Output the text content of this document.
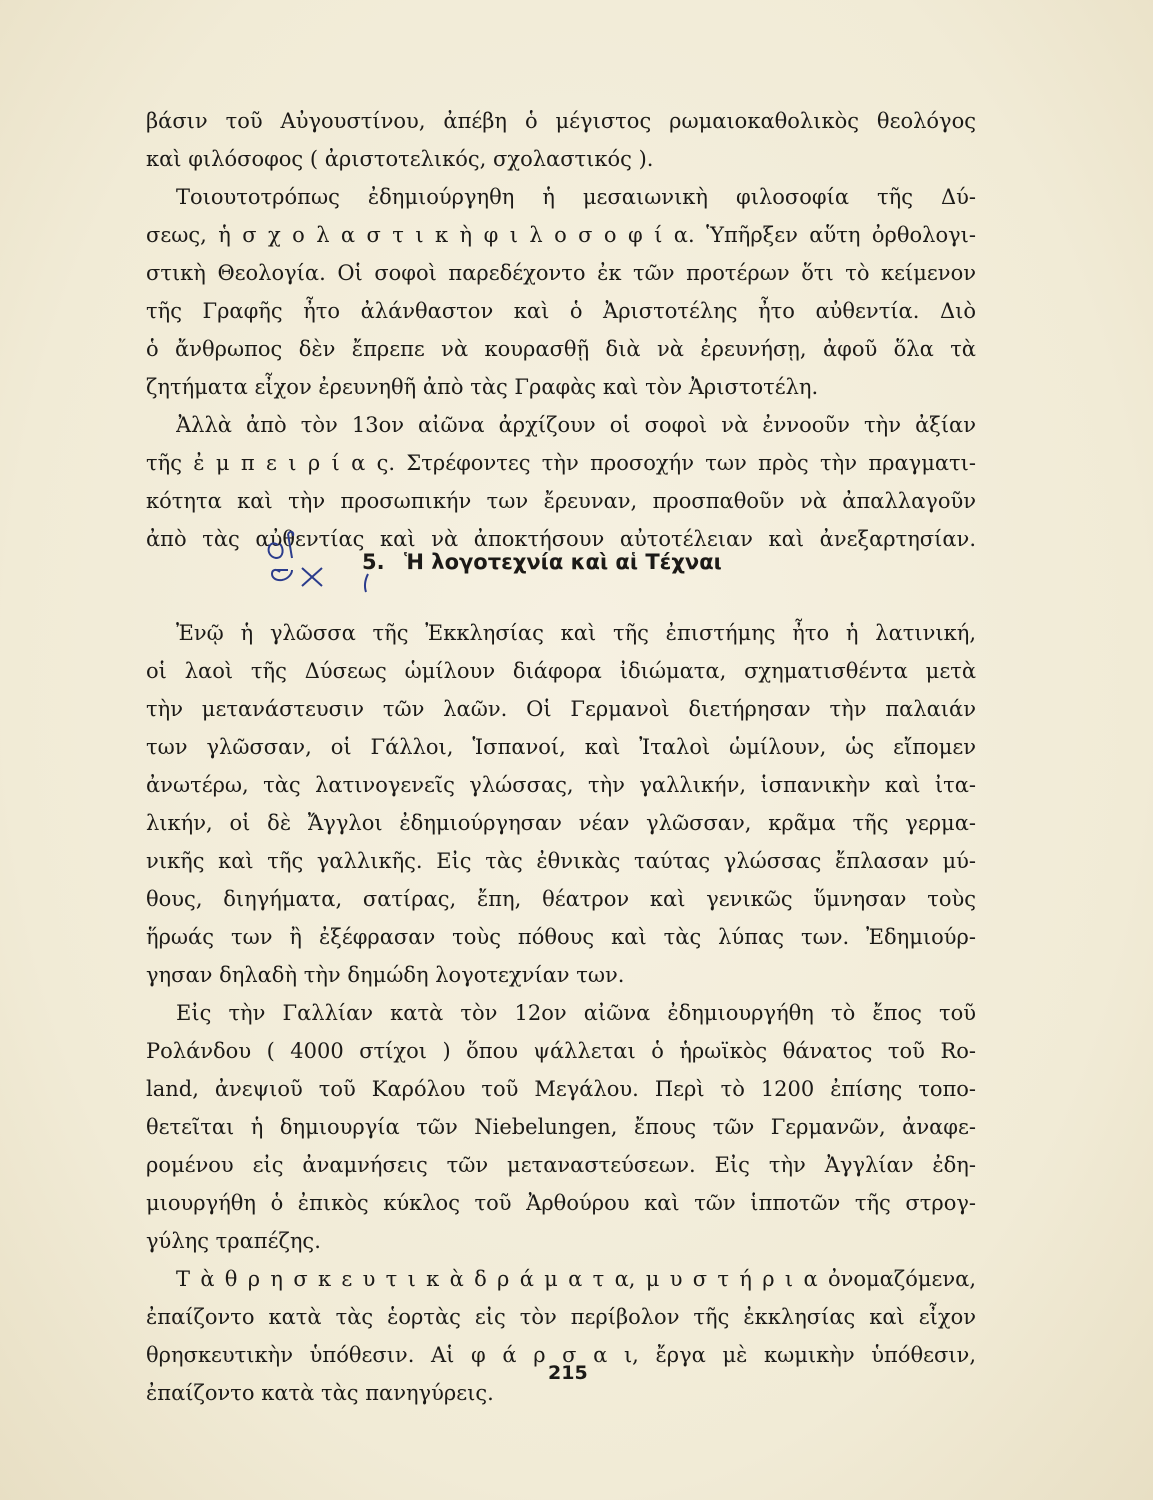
βάσιν τοῦ Αὐγουστίνου, ἀπέβη ὁ μέγιστος ρωμαιοκαθολικὸς θεολόγος
καὶ φιλόσοφος ( ἀριστοτελικός, σχολαστικός ).
Τοιουτοτρόπως ἐδημιούργηθη ἡ μεσαιωνικὴ φιλοσοφία τῆς Δύ-
σεως, ἡ σ χ ο λ α σ τ ι κ ὴ φ ι λ ο σ ο φ ί α. Ὑπῆρξεν αὕτη ὀρθολογι-
στικὴ Θεολογία. Οἱ σοφοὶ παρεδέχοντο ἐκ τῶν προτέρων ὅτι τὸ κείμενον
τῆς Γραφῆς ἦτο ἀλάνθαστον καὶ ὁ Ἀριστοτέλης ἦτο αὐθεντία. Διὸ
ὁ ἄνθρωπος δὲν ἔπρεπε νὰ κουρασθῇ διὰ νὰ ἐρευνήσῃ, ἀφοῦ ὅλα τὰ
ζητήματα εἶχον ἐρευνηθῆ ἀπὸ τὰς Γραφὰς καὶ τὸν Ἀριστοτέλη.
Ἀλλὰ ἀπὸ τὸν 13ον αἰῶνα ἀρχίζουν οἱ σοφοὶ νὰ ἐννοοῦν τὴν ἀξίαν
τῆς ἐ μ π ε ι ρ ί α ς. Στρέφοντες τὴν προσοχήν των πρὸς τὴν πραγματι-
κότητα καὶ τὴν προσωπικήν των ἔρευναν, προσπαθοῦν νὰ ἀπαλλαγοῦν
ἀπὸ τὰς αὐθεντίας καὶ νὰ ἀποκτήσουν αὐτοτέλειαν καὶ ἀνεξαρτησίαν.
5. Ἡ λογοτεχνία καὶ αἱ Τέχναι
Ἐνῷ ἡ γλῶσσα τῆς Ἐκκλησίας καὶ τῆς ἐπιστήμης ἦτο ἡ λατινική,
οἱ λαοὶ τῆς Δύσεως ὡμίλουν διάφορα ἰδιώματα, σχηματισθέντα μετὰ
τὴν μετανάστευσιν τῶν λαῶν. Οἱ Γερμανοὶ διετήρησαν τὴν παλαιάν
των γλῶσσαν, οἱ Γάλλοι, Ἱσπανοί, καὶ Ἰταλοὶ ὡμίλουν, ὡς εἴπομεν
ἀνωτέρω, τὰς λατινογενεῖς γλώσσας, τὴν γαλλικήν, ἱσπανικὴν καὶ ἰτα-
λικήν, οἱ δὲ Ἄγγλοι ἐδημιούργησαν νέαν γλῶσσαν, κρᾶμα τῆς γερμα-
νικῆς καὶ τῆς γαλλικῆς. Εἰς τὰς ἐθνικὰς ταύτας γλώσσας ἔπλασαν μύ-
θους, διηγήματα, σατίρας, ἔπη, θέατρον καὶ γενικῶς ὕμνησαν τοὺς
ἥρωάς των ἢ ἐξέφρασαν τοὺς πόθους καὶ τὰς λύπας των. Ἐδημιούρ-
γησαν δηλαδὴ τὴν δημώδη λογοτεχνίαν των.
Εἰς τὴν Γαλλίαν κατὰ τὸν 12ον αἰῶνα ἐδημιουργήθη τὸ ἔπος τοῦ
Ρολάνδου ( 4000 στίχοι ) ὅπου ψάλλεται ὁ ἡρωϊκὸς θάνατος τοῦ Ro-
land, ἀνεψιοῦ τοῦ Καρόλου τοῦ Μεγάλου. Περὶ τὸ 1200 ἐπίσης τοπο-
θετεῖται ἡ δημιουργία τῶν Niebelungen, ἔπους τῶν Γερμανῶν, ἀναφε-
ρομένου εἰς ἀναμνήσεις τῶν μεταναστεύσεων. Εἰς τὴν Ἀγγλίαν ἐδη-
μιουργήθη ὁ ἐπικὸς κύκλος τοῦ Ἀρθούρου καὶ τῶν ἱπποτῶν τῆς στρογ-
γύλης τραπέζης.
Τ ὰ θ ρ η σ κ ε υ τ ι κ ὰ δ ρ ά μ α τ α, μ υ σ τ ή ρ ι α ὀνομαζόμενα,
ἐπαίζοντο κατὰ τὰς ἑορτὰς εἰς τὸν περίβολον τῆς ἐκκλησίας καὶ εἶχον
θρησκευτικὴν ὑπόθεσιν. Αἱ φ ά ρ σ α ι, ἔργα μὲ κωμικὴν ὑπόθεσιν,
ἐπαίζοντο κατὰ τὰς πανηγύρεις.
215
